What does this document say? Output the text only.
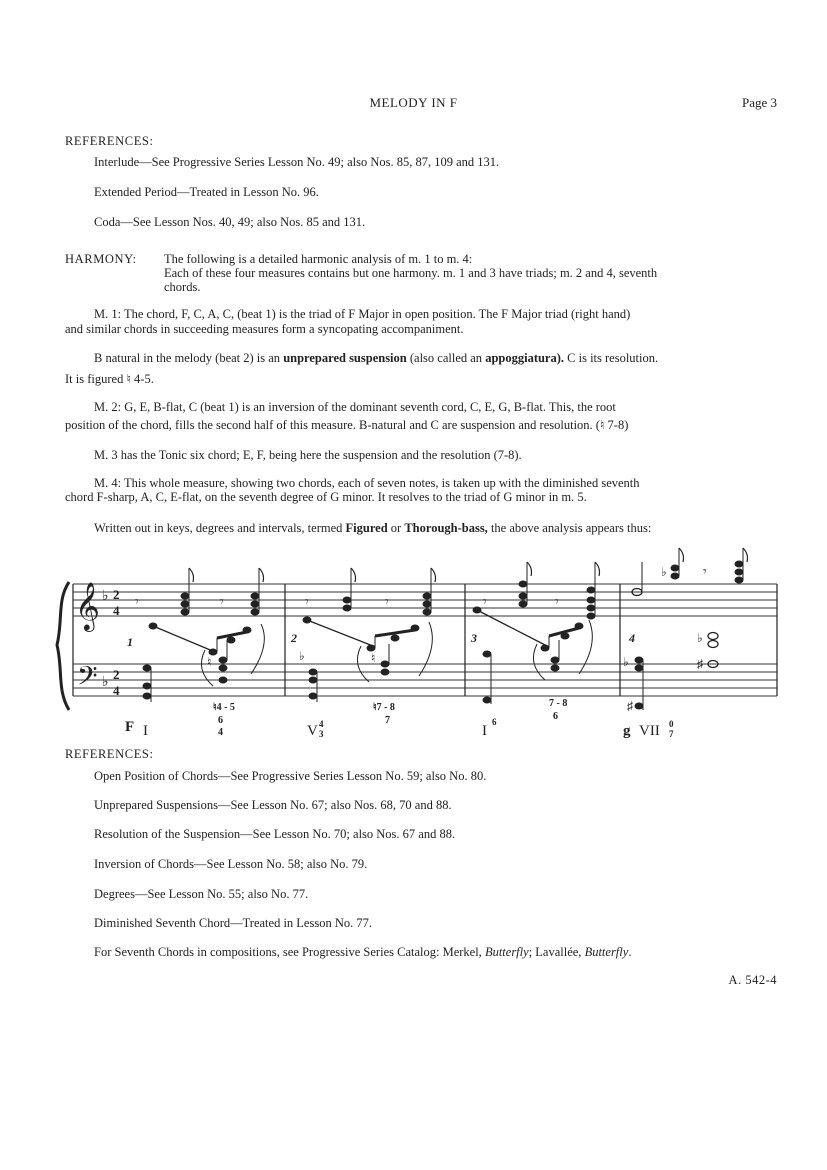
MELODY IN F	Page 3
REFERENCES:
Interlude—See Progressive Series Lesson No. 49; also Nos. 85, 87, 109 and 131.
Extended Period—Treated in Lesson No. 96.
Coda—See Lesson Nos. 40, 49; also Nos. 85 and 131.
HARMONY: The following is a detailed harmonic analysis of m. 1 to m. 4:
Each of these four measures contains but one harmony. m. 1 and 3 have triads; m. 2 and 4, seventh
chords.
M. 1: The chord, F, C, A, C, (beat 1) is the triad of F Major in open position. The F Major triad (right hand)
and similar chords in succeeding measures form a syncopating accompaniment.
B natural in the melody (beat 2) is an unprepared suspension (also called an appoggiatura). C is its resolution.
It is figured ♮ 4-5.
M. 2: G, E, B-flat, C (beat 1) is an inversion of the dominant seventh cord, C, E, G, B-flat. This, the root
position of the chord, fills the second half of this measure. B-natural and C are suspension and resolution. (♮ 7-8)
M. 3 has the Tonic six chord; E, F, being here the suspension and the resolution (7-8).
M. 4: This whole measure, showing two chords, each of seven notes, is taken up with the diminished seventh
chord F-sharp, A, C, E-flat, on the seventh degree of G minor. It resolves to the triad of G minor in m. 5.
Written out in keys, degrees and intervals, termed Figured or Thorough-bass, the above analysis appears thus:
𝄞
𝄢
♭
♭
2
4
2
4
𝄾	𝄾
1
♮
𝄾	𝄾
2
♭	♮
𝄾	𝄾
3
♭	𝄾
4
♭
♯
♭
♯
F I
♮4 - 5
6
4	V 4
3
♮7 - 8
7
I
6
7 - 8
6
g VII 0
7
REFERENCES:
Open Position of Chords—See Progressive Series Lesson No. 59; also No. 80.
Unprepared Suspensions—See Lesson No. 67; also Nos. 68, 70 and 88.
Resolution of the Suspension—See Lesson No. 70; also Nos. 67 and 88.
Inversion of Chords—See Lesson No. 58; also No. 79.
Degrees—See Lesson No. 55; also No. 77.
Diminished Seventh Chord—Treated in Lesson No. 77.
For Seventh Chords in compositions, see Progressive Series Catalog: Merkel, Butterfly; Lavallée, Butterfly.
A. 542-4
